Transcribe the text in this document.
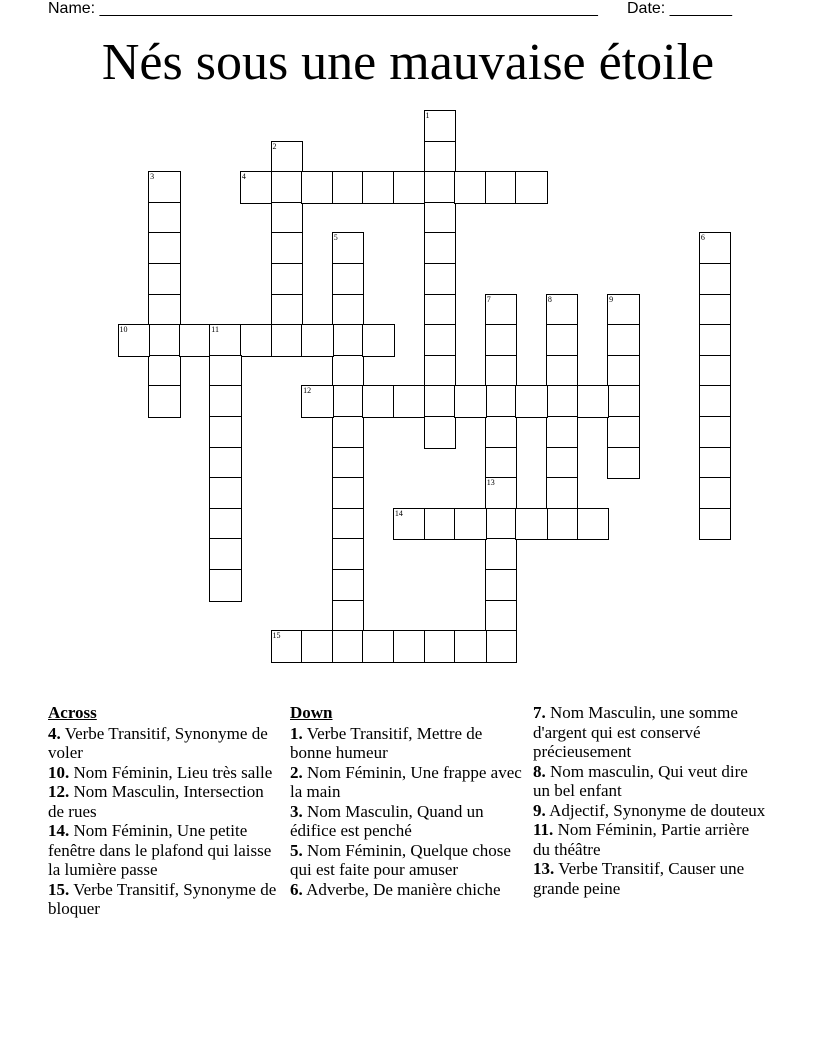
Name: ________________________________________________________ Date: _______
Nés sous une mauvaise étoile
1
2
3	4
5	6
7	8	9
10	11
12
13
14
15
Across
4. Verbe Transitif, Synonyme de voler
10. Nom Féminin, Lieu très salle
12. Nom Masculin, Intersection de rues
14. Nom Féminin, Une petite fenêtre dans le plafond qui laisse la lumière passe
15. Verbe Transitif, Synonyme de bloquer
Down
1. Verbe Transitif, Mettre de bonne humeur
2. Nom Féminin, Une frappe avec la main
3. Nom Masculin, Quand un édifice est penché
5. Nom Féminin, Quelque chose qui est faite pour amuser
6. Adverbe, De manière chiche
7. Nom Masculin, une somme d'argent qui est conservé précieusement
8. Nom masculin, Qui veut dire un bel enfant
9. Adjectif, Synonyme de douteux
11. Nom Féminin, Partie arrière du théâtre
13. Verbe Transitif, Causer une grande peine
